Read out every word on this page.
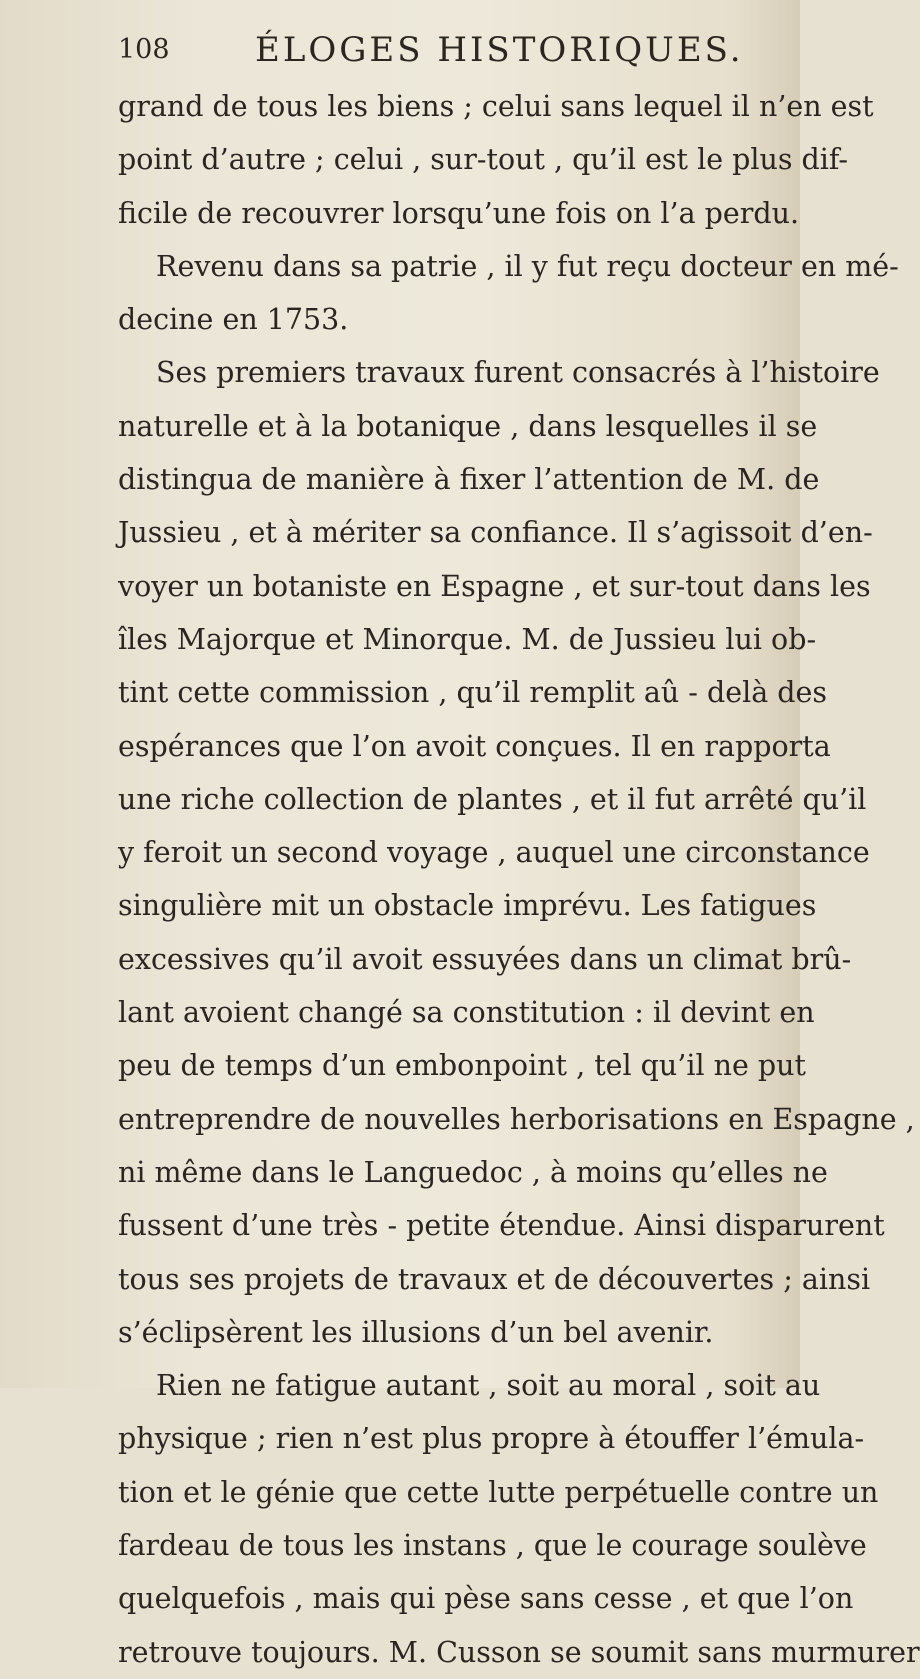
108	ÉLOGES HISTORIQUES.
grand de tous les biens ; celui sans lequel il n’en est
point d’autre ; celui , sur-tout , qu’il est le plus dif-
ficile de recouvrer lorsqu’une fois on l’a perdu.
Revenu dans sa patrie , il y fut reçu docteur en mé-
decine en 1753.
Ses premiers travaux furent consacrés à l’histoire
naturelle et à la botanique , dans lesquelles il se
distingua de manière à fixer l’attention de M. de
Jussieu , et à mériter sa confiance. Il s’agissoit d’en-
voyer un botaniste en Espagne , et sur-tout dans les
îles Majorque et Minorque. M. de Jussieu lui ob-
tint cette commission , qu’il remplit aû - delà des
espérances que l’on avoit conçues. Il en rapporta
une riche collection de plantes , et il fut arrêté qu’il
y feroit un second voyage , auquel une circonstance
singulière mit un obstacle imprévu. Les fatigues
excessives qu’il avoit essuyées dans un climat brû-
lant avoient changé sa constitution : il devint en
peu de temps d’un embonpoint , tel qu’il ne put
entreprendre de nouvelles herborisations en Espagne ,
ni même dans le Languedoc , à moins qu’elles ne
fussent d’une très - petite étendue. Ainsi disparurent
tous ses projets de travaux et de découvertes ; ainsi
s’éclipsèrent les illusions d’un bel avenir.
Rien ne fatigue autant , soit au moral , soit au
physique ; rien n’est plus propre à étouffer l’émula-
tion et le génie que cette lutte perpétuelle contre un
fardeau de tous les instans , que le courage soulève
quelquefois , mais qui pèse sans cesse , et que l’on
retrouve toujours. M. Cusson se soumit sans murmurer
